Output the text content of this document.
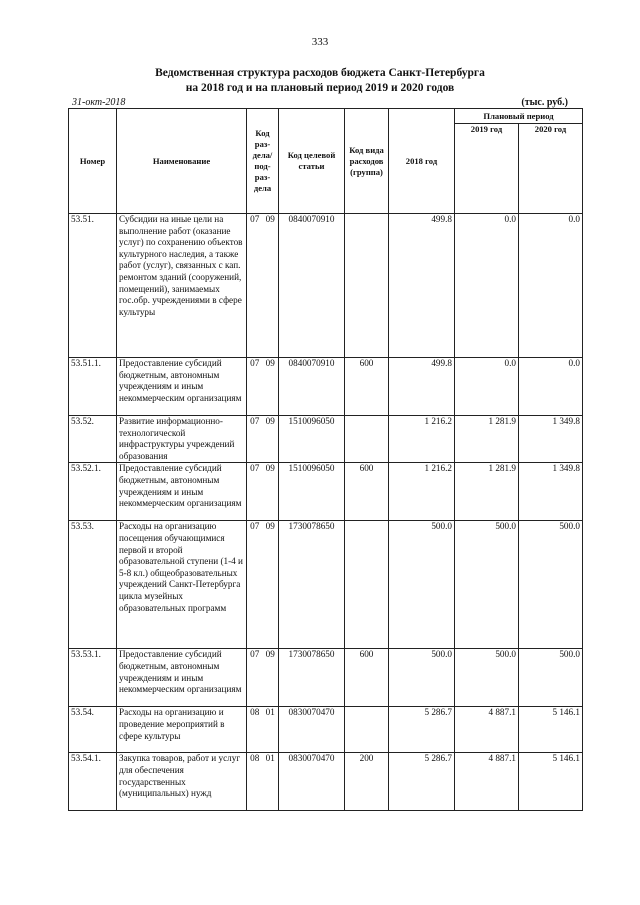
333
Ведомственная структура расходов бюджета Санкт-Петербурга
на 2018 год и на плановый период 2019 и 2020 годов
31-окт-2018	(тыс. руб.)
Номер	Наименование	Код раз-дела/ под-раз-дела	Код целевой статьи	Код вида расходов (группа)	2018 год	Плановый период	
						2019 год	2020 год
53.51.	Субсидии на иные цели на выполнение работ (оказание услуг) по сохранению объектов культурного наследия, а также работ (услуг), связанных с кап. ремонтом зданий (сооружений, помещений), занимаемых гос.обр. учреждениями в сфере культуры	07 09	0840070910		499.8	0.0	0.0
53.51.1.	Предоставление субсидий бюджетным, автономным учреждениям и иным некоммерческим организациям	07 09	0840070910	600	499.8	0.0	0.0
53.52.	Развитие информационно-технологической инфраструктуры учреждений образования	07 09	1510096050		1 216.2	1 281.9	1 349.8
53.52.1.	Предоставление субсидий бюджетным, автономным учреждениям и иным некоммерческим организациям	07 09	1510096050	600	1 216.2	1 281.9	1 349.8
53.53.	Расходы на организацию посещения обучающимися первой и второй образовательной ступени (1-4 и 5-8 кл.) общеобразовательных учреждений Санкт-Петербурга цикла музейных образовательных программ	07 09	1730078650		500.0	500.0	500.0
53.53.1.	Предоставление субсидий бюджетным, автономным учреждениям и иным некоммерческим организациям	07 09	1730078650	600	500.0	500.0	500.0
53.54.	Расходы на организацию и проведение мероприятий в сфере культуры	08 01	0830070470		5 286.7	4 887.1	5 146.1
53.54.1.	Закупка товаров, работ и услуг для обеспечения государственных (муниципальных) нужд	08 01	0830070470	200	5 286.7	4 887.1	5 146.1
